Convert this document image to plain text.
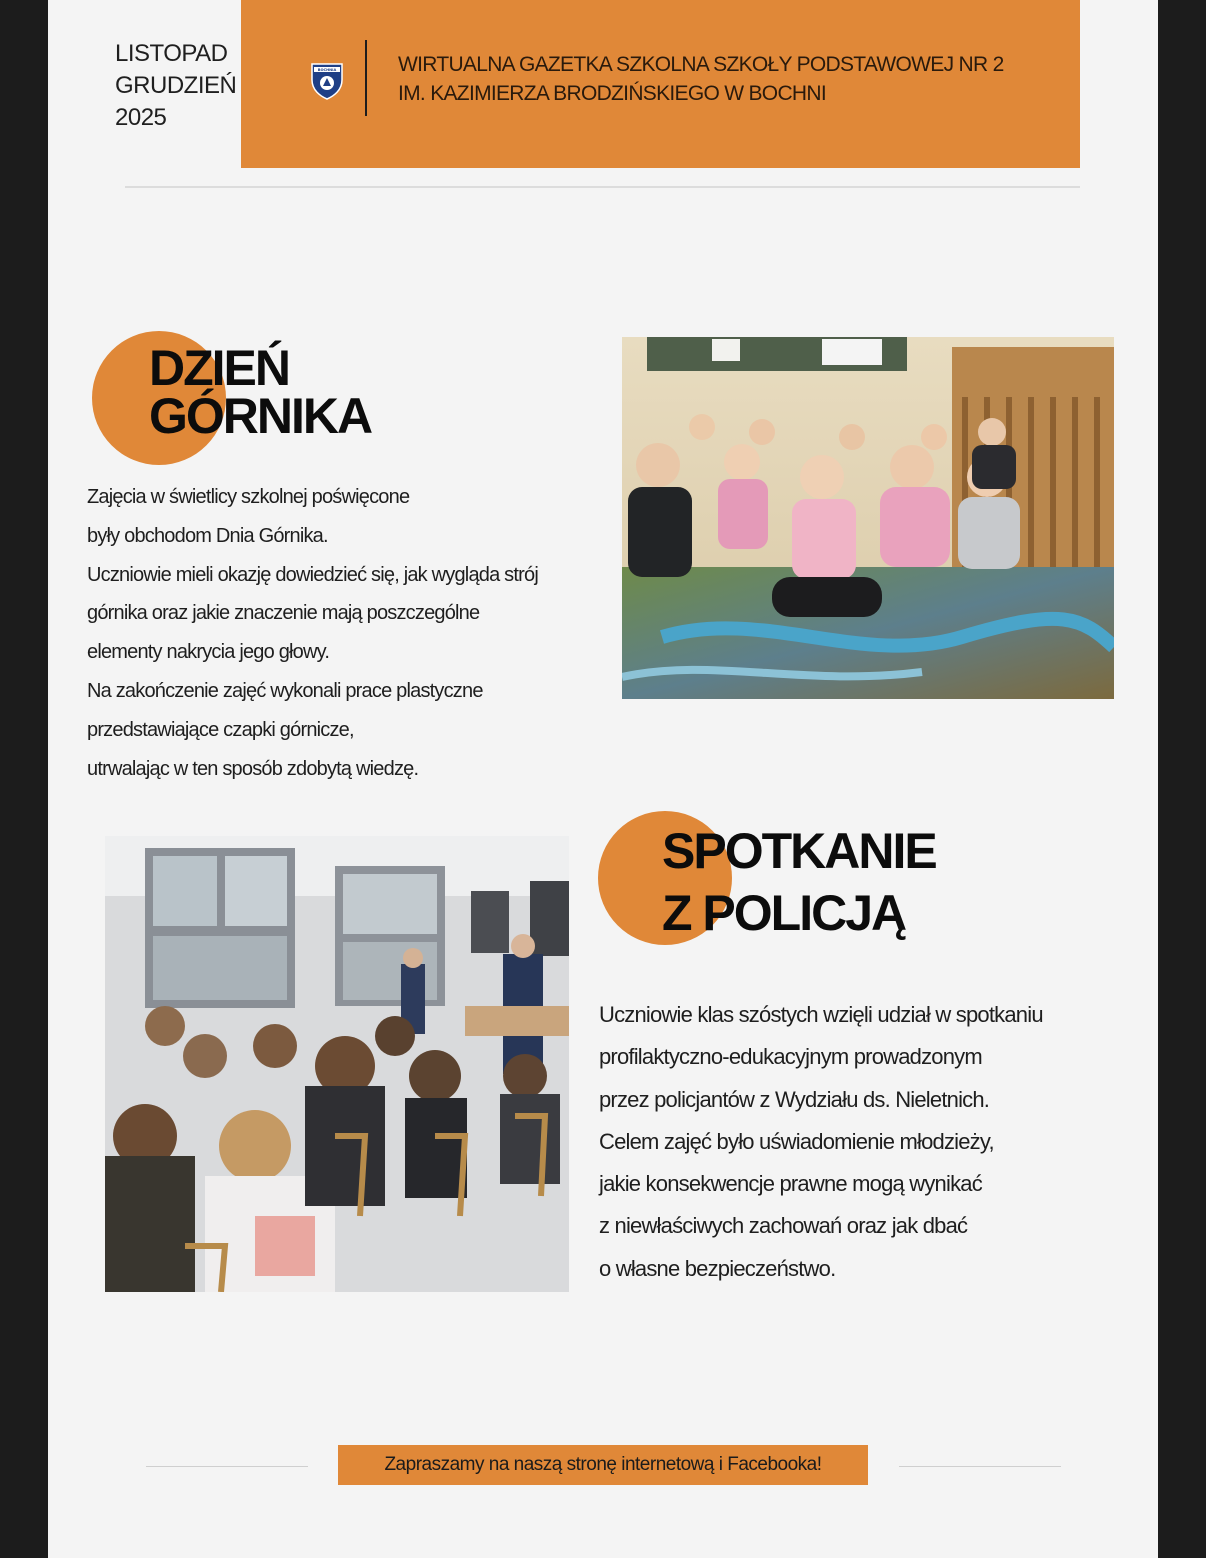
LISTOPAD
GRUDZIEŃ
2025
BOCHNIA	WIRTUALNA GAZETKA SZKOLNA SZKOŁY PODSTAWOWEJ NR 2
IM. KAZIMIERZA BRODZIŃSKIEGO W BOCHNI
DZIEŃ
GÓRNIKA
Zajęcia w świetlicy szkolnej poświęcone
były obchodom Dnia Górnika.
Uczniowie mieli okazję dowiedzieć się, jak wygląda strój
górnika oraz jakie znaczenie mają poszczególne
elementy nakrycia jego głowy.
Na zakończenie zajęć wykonali prace plastyczne
przedstawiające czapki górnicze,
utrwalając w ten sposób zdobytą wiedzę.
SPOTKANIE
Z POLICJĄ
Uczniowie klas szóstych wzięli udział w spotkaniu
profilaktyczno-edukacyjnym prowadzonym
przez policjantów z Wydziału ds. Nieletnich.
Celem zajęć było uświadomienie młodzieży,
jakie konsekwencje prawne mogą wynikać
z niewłaściwych zachowań oraz jak dbać
o własne bezpieczeństwo.
Zapraszamy na naszą stronę internetową i Facebooka!
